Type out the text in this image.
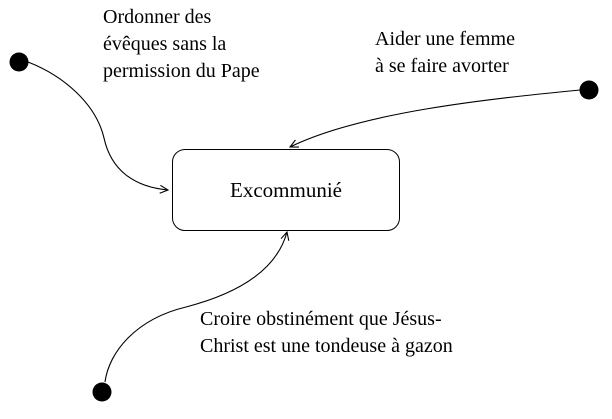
Excommunié
Ordonner des
évêques sans la
permission du Pape
Aider une femme
à se faire avorter
Croire obstinément que Jésus-
Christ est une tondeuse à gazon
